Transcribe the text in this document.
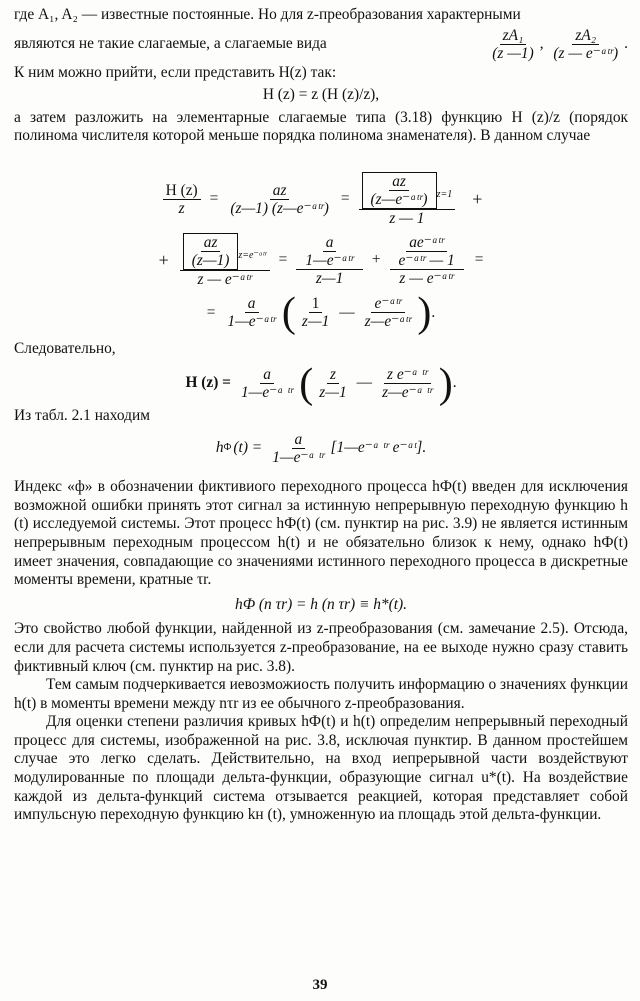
где A₁, A₂ — известные постоянные. Но для z-преобразования характерными

являются не такие слагаемые, а слагаемые вида	$\frac{\text{zA₁}}{(z —1)}$ , zA₂
(z — e⁻ᵃᵗʳ)
.

К ним можно прийти, если представить H(z) так:

H (z) = z (H (z)/z),

а затем разложить на элементарные слагаемые типа (3.18) функцию H (z)/z (порядок полинома числителя которой меньше порядка полинома знаменателя). В данном случае

$\frac{H (z)}{z}$ =	az
(z—1) (z—e⁻ᵃᵗʳ)
=
az
(z—e⁻ᵃᵗʳ) $_{z=1}$
z — 1
+
+ $\frac{az}{(z—1)} _{z=e^-ᵃᵗʳ}$
z — e⁻ᵃᵗʳ
=
a
1—e⁻ᵃᵗʳ
z—1
+
ae⁻ᵃᵗʳ
e⁻ᵃᵗʳ — 1
z — e⁻ᵃᵗʳ
=
= a
1—e⁻ᵃᵗʳ ( 1
z—1
— e⁻ᵃᵗʳ
z—e⁻ᵃᵗʳ ) .

Следовательно,

H $(z) = \frac{a}{\text{1—e⁻ᵃ ᵗʳ}}$ ( z
z—1
— z e⁻ᵃ ᵗʳ
z—e⁻ᵃ ᵗʳ ) .

Из табл. 2.1 находим

h Ф $(t) = \frac{a}{\text{1—e⁻ᵃ ᵗʳ}}$ [1—e⁻ᵃ ᵗʳ e⁻ᵃᵗ].

Индекс «ф» в обозначении фиктивиого переходного процесса hФ(t) введен для исключения возможной ошибки принять этот сигнал за истинную непрерывную переходную функцию h (t) исследуемой системы. Этот процесс hФ(t) (см. пунктир на рис. 3.9) не является истинным непрерывным переходным процессом h(t) и не обязательно близок к нему, однако hФ(t) имеет значения, совпадающие со значениями истинного переходного процесса в дискретные моменты времени, кратные τr.

hФ (n τr) = h (n τr) ≡ h*(t).

Это свойство любой функции, найденной из z-преобразования (см. замечание 2.5). Отсюда, если для расчета системы используется z-преобразование, на ее выходе нужно сразу ставить фиктивный ключ (см. пунктир на рис. 3.8).

Тем самым подчеркивается иевозможиость получить информацию о значениях функции h(t) в моменты времени между nτr из ее обычного z-преобразования.

Для оценки степени различия кривых hФ(t) и h(t) определим непрерывный переходный процесс для системы, изображенной на рис. 3.8, исключая пунктир. В данном простейшем случае это легко сделать. Действительно, на вход иепрерывной части воздействуют модулированные по площади дельта-функции, образующие сигнал u*(t). На воздействие каждой из дельта-функций система отзывается реакцией, которая представляет собой импульсную переходную функцию kн (t), умноженную иа площадь этой дельта-функции.

39
